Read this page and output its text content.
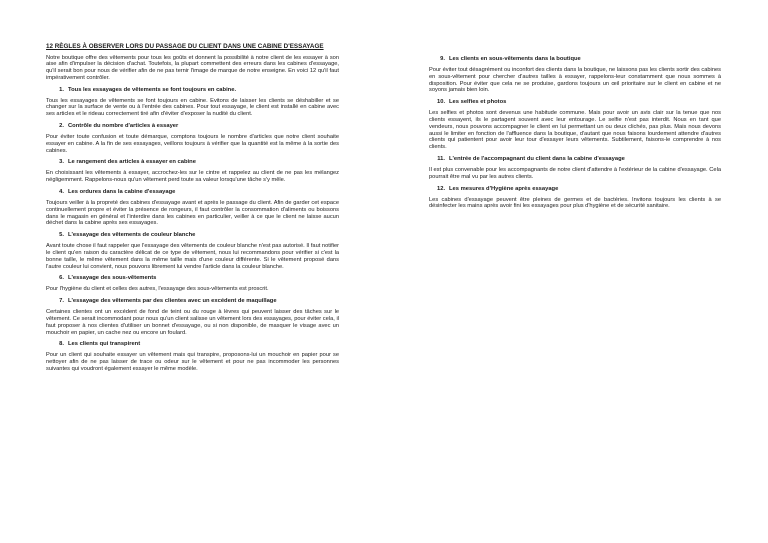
12 RÈGLES À OBSERVER LORS DU PASSAGE DU CLIENT DANS UNE CABINE D'ESSAYAGE

Notre boutique offre des vêtements pour tous les goûts et donnent la possibilité à notre client de les essayer à son aise afin d'impulser la décision d'achat. Toutefois, la plupart commettent des erreurs dans les cabines d'essayage, qu'il serait bon pour nous de vérifier afin de ne pas ternir l'image de marque de notre enseigne. En voici 12 qu'il faut impérativement contrôler.

1. Tous les essayages de vêtements se font toujours en cabine.

Tous les essayages de vêtements se font toujours en cabine. Evitons de laisser les clients se déshabiller et se changer sur la surface de vente ou à l'entrée des cabines. Pour tout essayage, le client est installé en cabine avec ses articles et le rideau correctement tiré afin d'éviter d'exposer la nudité du client.

2. Contrôle du nombre d'articles à essayer

Pour éviter toute confusion et toute démarque, comptons toujours le nombre d'articles que notre client souhaite essayer en cabine. A la fin de ses essayages, veillons toujours à vérifier que la quantité est la même à la sortie des cabines.

3. Le rangement des articles à essayer en cabine

En choisissant les vêtements à essayer, accrochez-les sur le cintre et rappelez au client de ne pas les mélangez négligemment. Rappelons-nous qu'un vêtement perd toute sa valeur lorsqu'une tâche s'y mêle.

4. Les ordures dans la cabine d'essayage

Toujours veiller à la propreté des cabines d'essayage avant et après le passage du client. Afin de garder cet espace continuellement propre et éviter la présence de rongeurs, il faut contrôler la consommation d'aliments ou boissons dans le magasin en général et l'interdire dans les cabines en particulier, veiller à ce que le client ne laisse aucun déchet dans la cabine après ses essayages.

5. L'essayage des vêtements de couleur blanche

Avant toute chose il faut rappeler que l'essayage des vêtements de couleur blanche n'est pas autorisé. Il faut notifier le client qu'en raison du caractère délicat de ce type de vêtement, nous lui recommandons pour vérifier si c'est la bonne taille, le même vêtement dans la même taille mais d'une couleur différente. Si le vêtement proposé dans l'autre couleur lui convient, nous pouvons librement lui vendre l'article dans la couleur blanche.

6. L'essayage des sous-vêtements

Pour l'hygiène du client et celles des autres, l'essayage des sous-vêtements est proscrit.

7. L'essayage des vêtements par des clientes avec un excédent de maquillage

Certaines clientes ont un excédent de fond de teint ou du rouge à lèvres qui peuvent laisser des tâches sur le vêtement. Ce serait incommodant pour nous qu'un client salisse un vêtement lors des essayages, pour éviter cela, il faut proposer à nos clientes d'utiliser un bonnet d'essayage, ou si non disponible, de masquer le visage avec un mouchoir en papier, un cache nez ou encore un foulard.

8. Les clients qui transpirent

Pour un client qui souhaite essayer un vêtement mais qui transpire, proposons-lui un mouchoir en papier pour se nettoyer afin de ne pas laisser de trace ou odeur sur le vêtement et pour ne pas incommoder les personnes suivantes qui voudront également essayer le même modèle.

9. Les clients en sous-vêtements dans la boutique

Pour éviter tout désagrément ou inconfort des clients dans la boutique, ne laissons pas les clients sortir des cabines en sous-vêtement pour chercher d'autres tailles à essayer, rappelons-leur constamment que nous sommes à disposition. Pour éviter que cela ne se produise, gardons toujours un œil prioritaire sur le client en cabine et ne soyons jamais bien loin.

10. Les selfies et photos

Les selfies et photos sont devenus une habitude commune. Mais pour avoir un avis clair sur la tenue que nos clients essayent, ils le partagent souvent avec leur entourage. Le selfie n'est pas interdit. Nous en tant que vendeurs, nous pouvons accompagner le client en lui permettant un ou deux clichés, pas plus. Mais nous devons aussi le limiter en fonction de l'affluence dans la boutique, d'autant que nous faisons lourdement attendre d'autres clients qui patientent pour avoir leur tour d'essayer leurs vêtements. Subtilement, faisons-le comprendre à nos clients.

11. L'entrée de l'accompagnant du client dans la cabine d'essayage

Il est plus convenable pour les accompagnants de notre client d'attendre à l'extérieur de la cabine d'essayage. Cela pourrait être mal vu par les autres clients.

12. Les mesures d'Hygiène après essayage

Les cabines d'essayage peuvent être pleines de germes et de bactéries. Invitons toujours les clients à se désinfecter les mains après avoir fini les essayages pour plus d'hygiène et de sécurité sanitaire.
